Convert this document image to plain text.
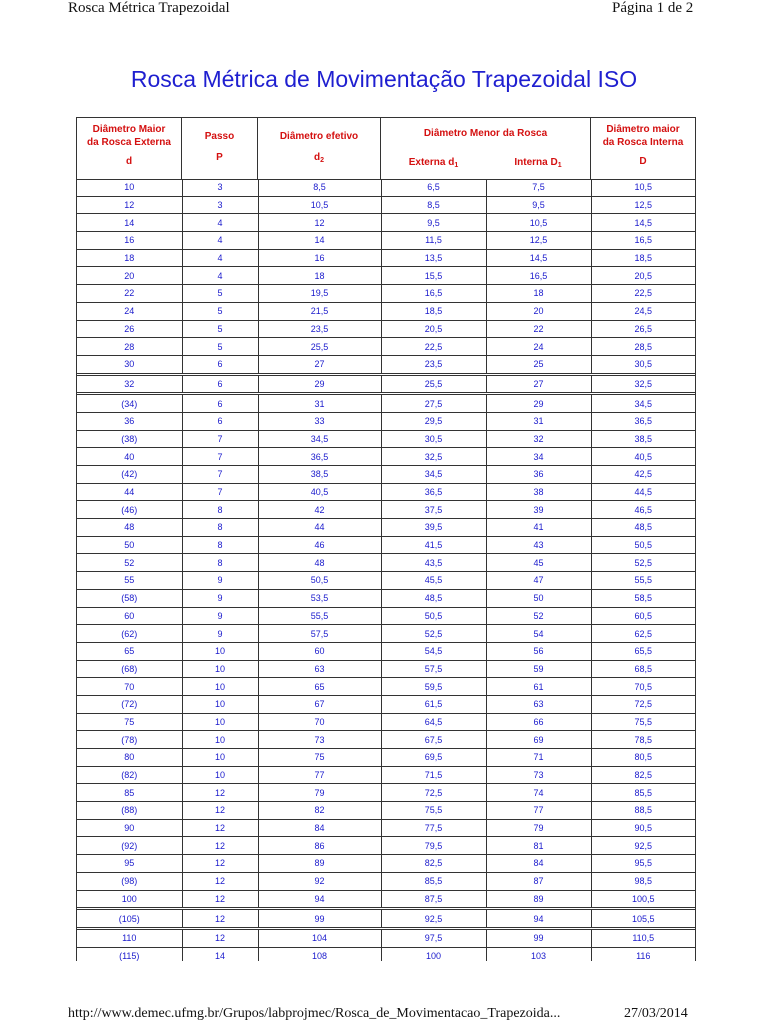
Rosca Métrica Trapezoidal	Página 1 de 2
Rosca Métrica de Movimentação Trapezoidal ISO
Diâmetro Maior
da Rosca Externa
d
Passo
P
Diâmetro efetivo
$d_2$
Diâmetro Menor da Rosca
Externa $d_1$	Interna $D_1$
Diâmetro maior
da Rosca Interna
D
10	3	8,5	6,5	7,5	10,5
12	3	10,5	8,5	9,5	12,5
14	4	12	9,5	10,5	14,5
16	4	14	11,5	12,5	16,5
18	4	16	13,5	14,5	18,5
20	4	18	15,5	16,5	20,5
22	5	19,5	16,5	18	22,5
24	5	21,5	18,5	20	24,5
26	5	23,5	20,5	22	26,5
28	5	25,5	22,5	24	28,5
30	6	27	23,5	25	30,5
32	6	29	25,5	27	32,5
(34)	6	31	27,5	29	34,5
36	6	33	29,5	31	36,5
(38)	7	34,5	30,5	32	38,5
40	7	36,5	32,5	34	40,5
(42)	7	38,5	34,5	36	42,5
44	7	40,5	36,5	38	44,5
(46)	8	42	37,5	39	46,5
48	8	44	39,5	41	48,5
50	8	46	41,5	43	50,5
52	8	48	43,5	45	52,5
55	9	50,5	45,5	47	55,5
(58)	9	53,5	48,5	50	58,5
60	9	55,5	50,5	52	60,5
(62)	9	57,5	52,5	54	62,5
65	10	60	54,5	56	65,5
(68)	10	63	57,5	59	68,5
70	10	65	59,5	61	70,5
(72)	10	67	61,5	63	72,5
75	10	70	64,5	66	75,5
(78)	10	73	67,5	69	78,5
80	10	75	69,5	71	80,5
(82)	10	77	71,5	73	82,5
85	12	79	72,5	74	85,5
(88)	12	82	75,5	77	88,5
90	12	84	77,5	79	90,5
(92)	12	86	79,5	81	92,5
95	12	89	82,5	84	95,5
(98)	12	92	85,5	87	98,5
100	12	94	87,5	89	100,5
(105)	12	99	92,5	94	105,5
110	12	104	97,5	99	110,5
(115)	14	108	100	103	116

http://www.demec.ufmg.br/Grupos/labprojmec/Rosca_de_Movimentacao_Trapezoida...	27/03/2014
